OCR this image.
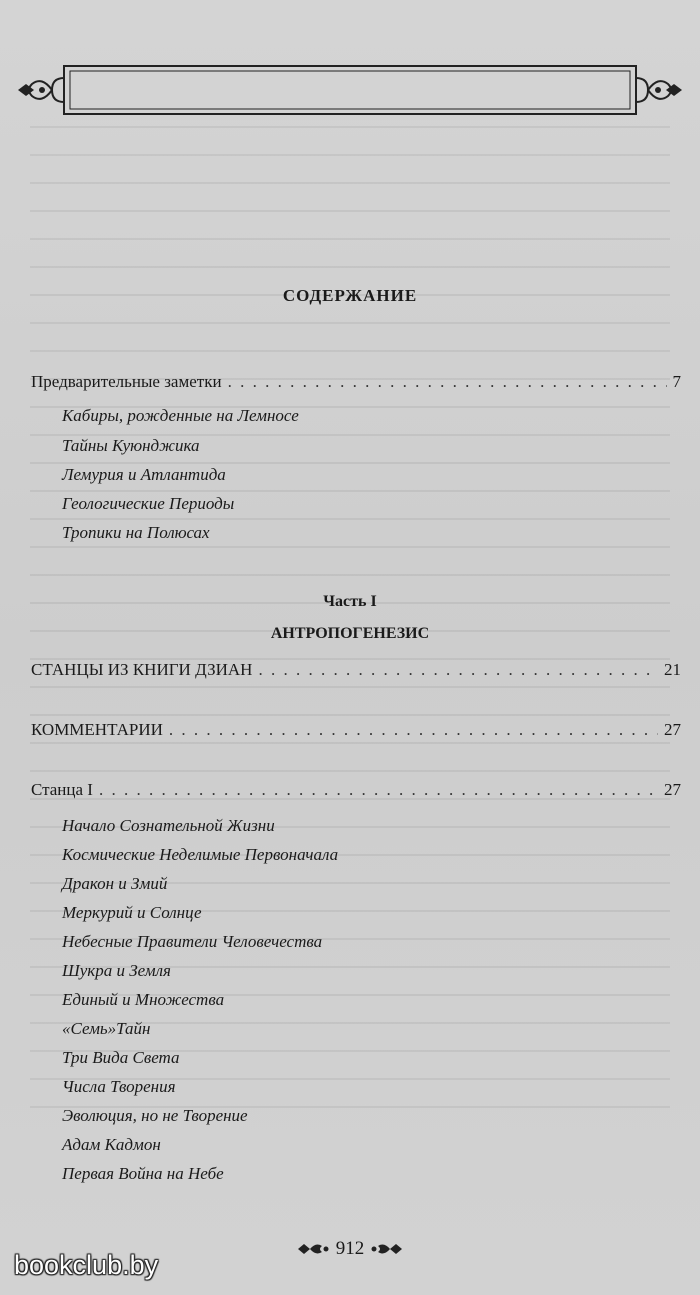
СОДЕРЖАНИЕ
Предварительные заметки . . .	7
Кабиры, рожденные на Лемносе
Тайны Куюнджика
Лемурия и Атлантида
Геологические Периоды
Тропики на Полюсах
Часть I
АНТРОПОГЕНЕЗИС
СТАНЦЫ ИЗ КНИГИ ДЗИАН . . .	21
КОММЕНТАРИИ . . .	27
Станца I . . .	27
Начало Сознательной Жизни
Космические Неделимые Первоначала
Дракон и Змий
Меркурий и Солнце
Небесные Правители Человечества
Шукра и Земля
Единый и Множества
«Семь»Тайн
Три Вида Света
Числа Творения
Эволюция, но не Творение
Адам Кадмон
Первая Война на Небе
912
bookclub.by
